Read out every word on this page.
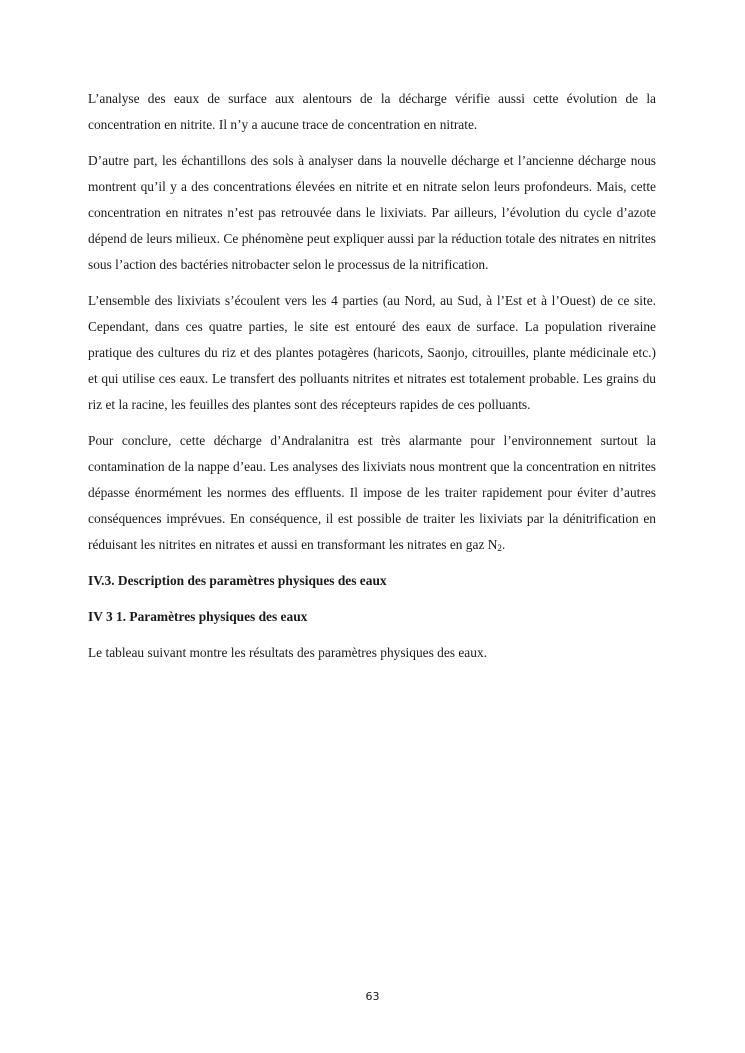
L’analyse des eaux de surface aux alentours de la décharge vérifie aussi cette évolution de la concentration en nitrite. Il n’y a aucune trace de concentration en nitrate.

D’autre part, les échantillons des sols à analyser dans la nouvelle décharge et l’ancienne décharge nous montrent qu’il y a des concentrations élevées en nitrite et en nitrate selon leurs profondeurs. Mais, cette concentration en nitrates n’est pas retrouvée dans le lixiviats. Par ailleurs, l’évolution du cycle d’azote dépend de leurs milieux. Ce phénomène peut expliquer aussi par la réduction totale des nitrates en nitrites sous l’action des bactéries nitrobacter selon le processus de la nitrification.

L’ensemble des lixiviats s’écoulent vers les 4 parties (au Nord, au Sud, à l’Est et à l’Ouest) de ce site. Cependant, dans ces quatre parties, le site est entouré des eaux de surface. La population riveraine pratique des cultures du riz et des plantes potagères (haricots, Saonjo, citrouilles, plante médicinale etc.) et qui utilise ces eaux. Le transfert des polluants nitrites et nitrates est totalement probable. Les grains du riz et la racine, les feuilles des plantes sont des récepteurs rapides de ces polluants.

Pour conclure, cette décharge d’Andralanitra est très alarmante pour l’environnement surtout la contamination de la nappe d’eau. Les analyses des lixiviats nous montrent que la concentration en nitrites dépasse énormément les normes des effluents. Il impose de les traiter rapidement pour éviter d’autres conséquences imprévues. En conséquence, il est possible de traiter les lixiviats par la dénitrification en réduisant les nitrites en nitrates et aussi en transformant les nitrates en gaz $N_2$.

IV.3. Description des paramètres physiques des eaux

IV 3 1. Paramètres physiques des eaux

Le tableau suivant montre les résultats des paramètres physiques des eaux.

63
